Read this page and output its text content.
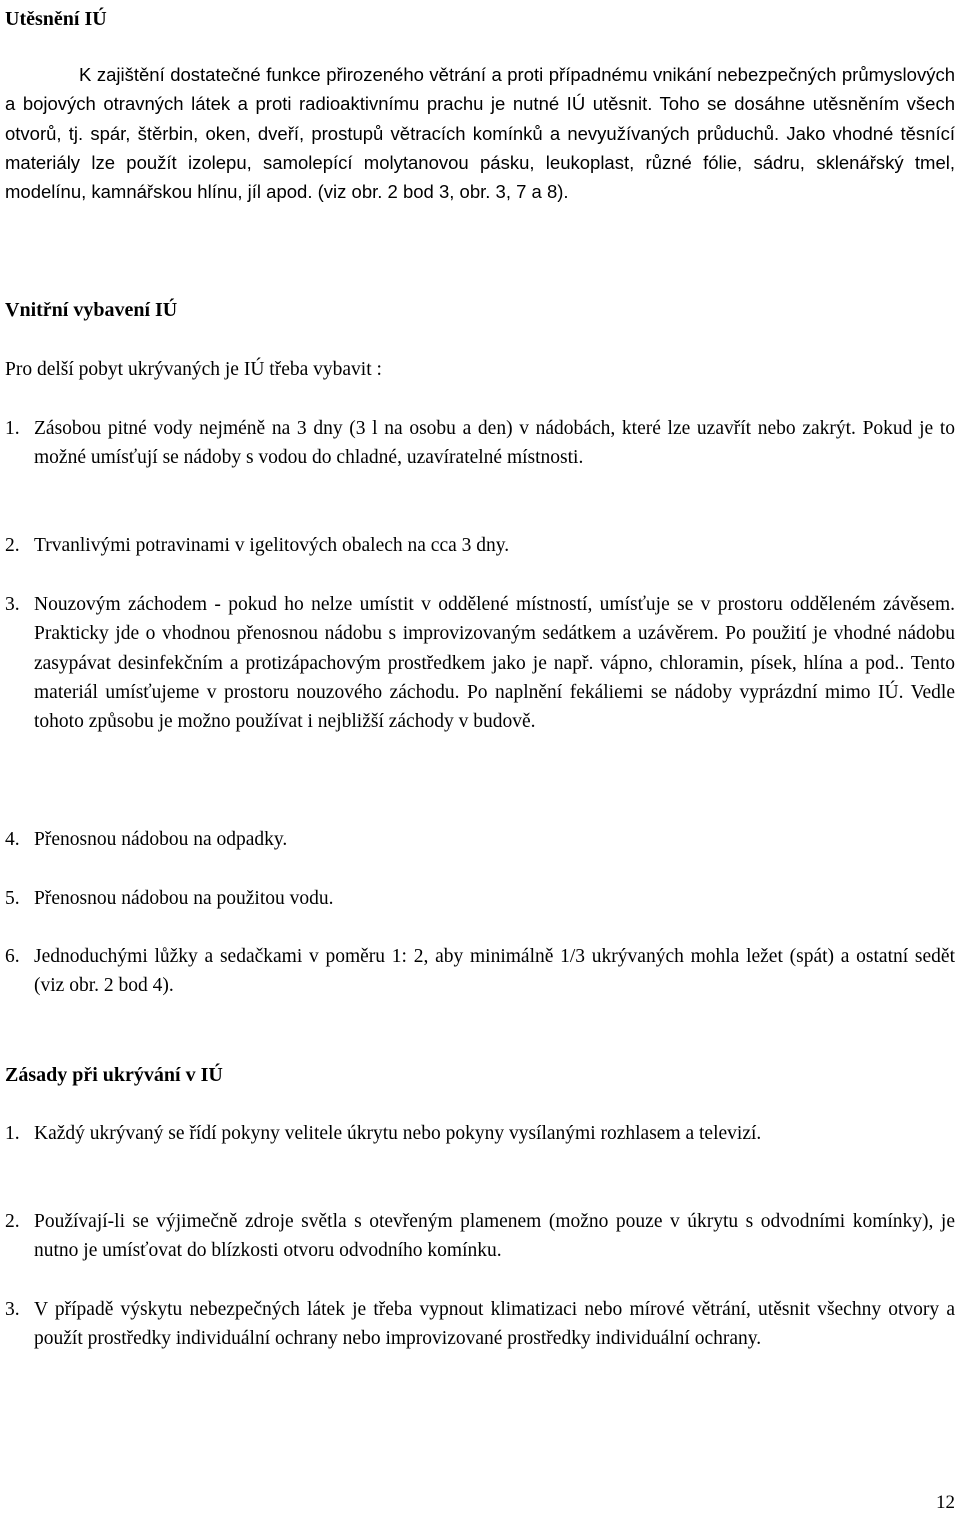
Utěsnění IÚ

K zajištění dostatečné funkce přirozeného větrání a proti případnému vnikání nebezpečných průmyslových a bojových otravných látek a proti radioaktivnímu prachu je nutné IÚ utěsnit. Toho se dosáhne utěsněním všech otvorů, tj. spár, štěrbin, oken, dveří, prostupů větracích komínků a nevyužívaných průduchů. Jako vhodné těsnící materiály lze použít izolepu, samolepící molytanovou pásku, leukoplast, různé fólie, sádru, sklenářský tmel, modelínu, kamnářskou hlínu, jíl apod. (viz obr. 2 bod 3, obr. 3, 7 a 8).

Vnitřní vybavení IÚ

Pro delší pobyt ukrývaných je IÚ třeba vybavit :

1. Zásobou pitné vody nejméně na 3 dny (3 l na osobu a den) v nádobách, které lze uzavřít nebo zakrýt. Pokud je to možné umísťují se nádoby s vodou do chladné, uzavíratelné místnosti.
2. Trvanlivými potravinami v igelitových obalech na cca 3 dny.
3. Nouzovým záchodem - pokud ho nelze umístit v oddělené místností, umísťuje se v prostoru odděleném závěsem. Prakticky jde o vhodnou přenosnou nádobu s improvizovaným sedátkem a uzávěrem. Po použití je vhodné nádobu zasypávat desinfekčním a protizápachovým prostředkem jako je např. vápno, chloramin, písek, hlína a pod.. Tento materiál umísťujeme v prostoru nouzového záchodu. Po naplnění fekáliemi se nádoby vyprázdní mimo IÚ. Vedle tohoto způsobu je možno používat i nejbližší záchody v budově.
4. Přenosnou nádobou na odpadky.
5. Přenosnou nádobou na použitou vodu.
6. Jednoduchými lůžky a sedačkami v poměru 1: 2, aby minimálně 1/3 ukrývaných mohla ležet (spát) a ostatní sedět (viz obr. 2 bod 4).
Zásady při ukrývání v IÚ
1. Každý ukrývaný se řídí pokyny velitele úkrytu nebo pokyny vysílanými rozhlasem a televizí.
2. Používají-li se výjimečně zdroje světla s otevřeným plamenem (možno pouze v úkrytu s odvodními komínky), je nutno je umísťovat do blízkosti otvoru odvodního komínku.
3. V případě výskytu nebezpečných látek je třeba vypnout klimatizaci nebo mírové větrání, utěsnit všechny otvory a použít prostředky individuální ochrany nebo improvizované prostředky individuální ochrany.

12
